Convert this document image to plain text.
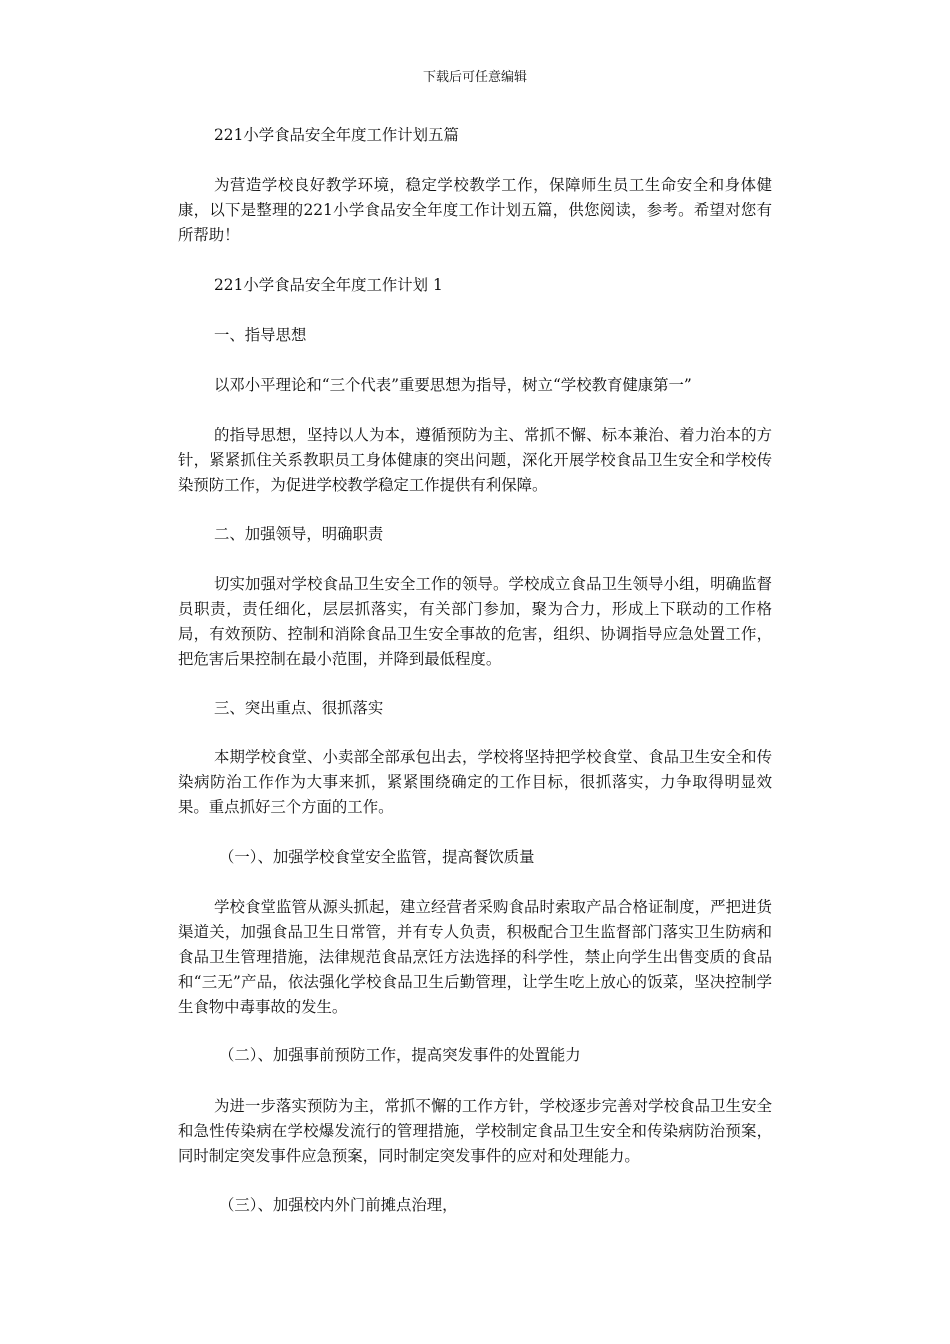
下载后可任意编辑
221小学食品安全年度工作计划五篇
为营造学校良好教学环境，稳定学校教学工作，保障师生员工生命安全和身体健康，以下是整理的221小学食品安全年度工作计划五篇，供您阅读，参考。希望对您有所帮助！
221小学食品安全年度工作计划 1
一、指导思想
以邓小平理论和“三个代表”重要思想为指导，树立“学校教育健康第一”
的指导思想，坚持以人为本，遵循预防为主、常抓不懈、标本兼治、着力治本的方针，紧紧抓住关系教职员工身体健康的突出问题，深化开展学校食品卫生安全和学校传染预防工作，为促进学校教学稳定工作提供有利保障。
二、加强领导，明确职责
切实加强对学校食品卫生安全工作的领导。学校成立食品卫生领导小组，明确监督员职责，责任细化，层层抓落实，有关部门参加，聚为合力，形成上下联动的工作格局，有效预防、控制和消除食品卫生安全事故的危害，组织、协调指导应急处置工作，把危害后果控制在最小范围，并降到最低程度。
三、突出重点、很抓落实
本期学校食堂、小卖部全部承包出去，学校将坚持把学校食堂、食品卫生安全和传染病防治工作作为大事来抓，紧紧围绕确定的工作目标，很抓落实，力争取得明显效果。重点抓好三个方面的工作。
（一）、加强学校食堂安全监管，提高餐饮质量
学校食堂监管从源头抓起，建立经营者采购食品时索取产品合格证制度，严把进货渠道关，加强食品卫生日常管，并有专人负责，积极配合卫生监督部门落实卫生防病和食品卫生管理措施，法律规范食品烹饪方法选择的科学性，禁止向学生出售变质的食品和“三无”产品，依法强化学校食品卫生后勤管理，让学生吃上放心的饭菜，坚决控制学生食物中毒事故的发生。
（二）、加强事前预防工作，提高突发事件的处置能力
为进一步落实预防为主，常抓不懈的工作方针，学校逐步完善对学校食品卫生安全和急性传染病在学校爆发流行的管理措施，学校制定食品卫生安全和传染病防治预案，同时制定突发事件应急预案，同时制定突发事件的应对和处理能力。
（三）、加强校内外门前摊点治理，
